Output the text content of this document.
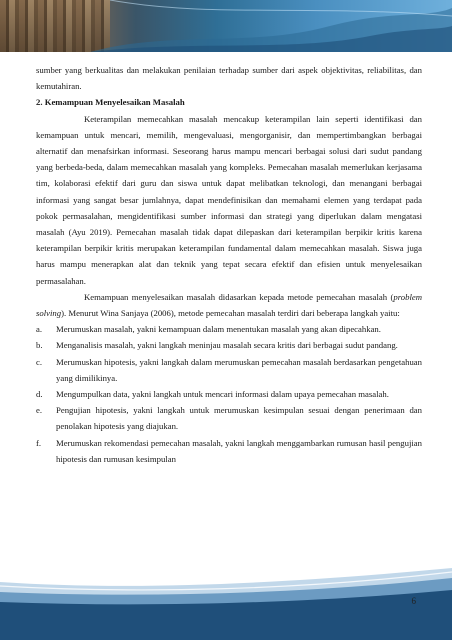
sumber yang berkualitas dan melakukan penilaian terhadap sumber dari aspek objektivitas, reliabilitas, dan kemutahiran.

2. Kemampuan Menyelesaikan Masalah

Keterampilan memecahkan masalah mencakup keterampilan lain seperti identifikasi dan kemampuan untuk mencari, memilih, mengevaluasi, mengorganisir, dan mempertimbangkan berbagai alternatif dan menafsirkan informasi. Seseorang harus mampu mencari berbagai solusi dari sudut pandang yang berbeda-beda, dalam memecahkan masalah yang kompleks. Pemecahan masalah memerlukan kerjasama tim, kolaborasi efektif dari guru dan siswa untuk dapat melibatkan teknologi, dan menangani berbagai informasi yang sangat besar jumlahnya, dapat mendefinisikan dan memahami elemen yang terdapat pada pokok permasalahan, mengidentifikasi sumber informasi dan strategi yang diperlukan dalam mengatasi masalah (Ayu 2019). Pemecahan masalah tidak dapat dilepaskan dari keterampilan berpikir kritis karena keterampilan berpikir kritis merupakan keterampilan fundamental dalam memecahkan masalah. Siswa juga harus mampu menerapkan alat dan teknik yang tepat secara efektif dan efisien untuk menyelesaikan permasalahan.

Kemampuan menyelesaikan masalah didasarkan kepada metode pemecahan masalah (problem solving). Menurut Wina Sanjaya (2006), metode pemecahan masalah terdiri dari beberapa langkah yaitu:

a. Merumuskan masalah, yakni kemampuan dalam menentukan masalah yang akan dipecahkan.
b. Menganalisis masalah, yakni langkah meninjau masalah secara kritis dari berbagai sudut pandang.
c. Merumuskan hipotesis, yakni langkah dalam merumuskan pemecahan masalah berdasarkan pengetahuan yang dimilikinya.
d. Mengumpulkan data, yakni langkah untuk mencari informasi dalam upaya pemecahan masalah.
e. Pengujian hipotesis, yakni langkah untuk merumuskan kesimpulan sesuai dengan penerimaan dan penolakan hipotesis yang diajukan.
f. Merumuskan rekomendasi pemecahan masalah, yakni langkah menggambarkan rumusan hasil pengujian hipotesis dan rumusan kesimpulan
6
